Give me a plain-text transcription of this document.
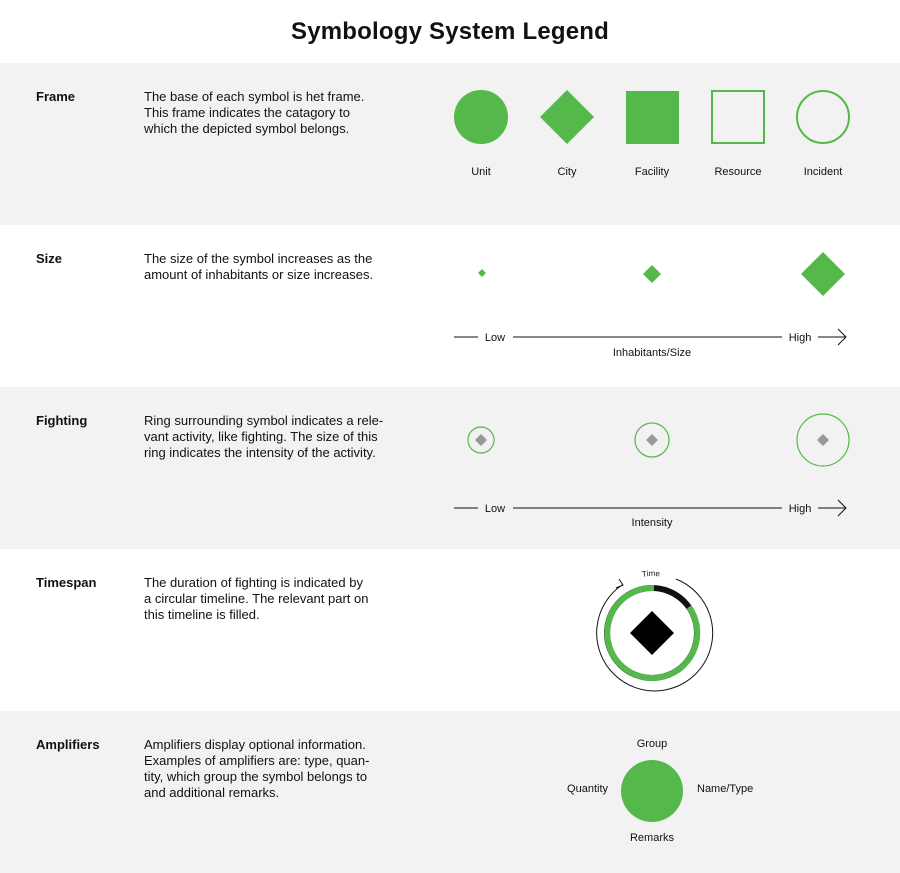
Symbology System Legend
Frame	The base of each symbol is het frame.
This frame indicates the catagory to
which the depicted symbol belongs.
Unit	City	Facility	Resource	Incident
Size	The size of the symbol increases as the
amount of inhabitants or size increases.
Low	High
Inhabitants/Size
Fighting	Ring surrounding symbol indicates a rele-
vant activity, like fighting. The size of this
ring indicates the intensity of the activity.
Low	High
Intensity
Timespan	The duration of fighting is indicated by
a circular timeline. The relevant part on
this timeline is filled.
Time
Amplifiers	Amplifiers display optional information.
Examples of amplifiers are: type, quan-
tity, which group the symbol belongs to
and additional remarks.
Group
Quantity	Name/Type
Remarks
